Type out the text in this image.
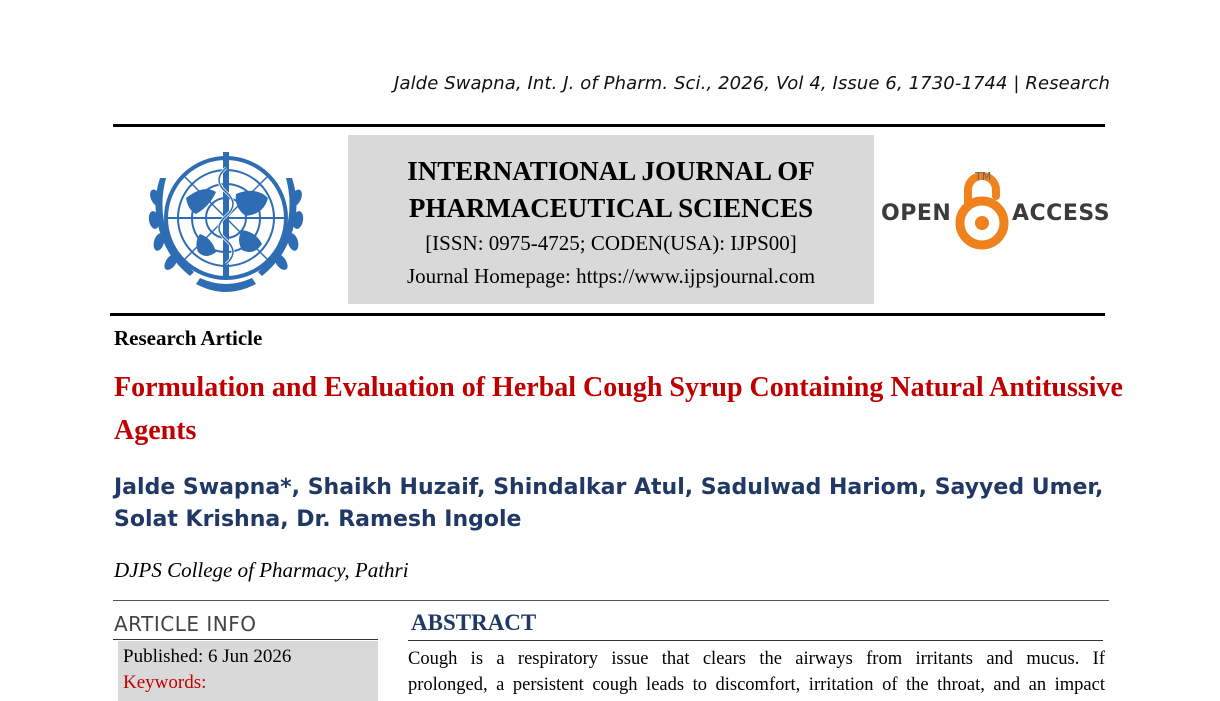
Jalde Swapna, Int. J. of Pharm. Sci., 2026, Vol 4, Issue 6, 1730-1744 | Research
INTERNATIONAL JOURNAL OF
PHARMACEUTICAL SCIENCES
[ISSN: 0975-4725; CODEN(USA): IJPS00]
Journal Homepage: https://www.ijpsjournal.com
OPEN
TM
ACCESS
Research Article
Formulation and Evaluation of Herbal Cough Syrup Containing Natural Antitussive Agents
Jalde Swapna*, Shaikh Huzaif, Shindalkar Atul, Sadulwad Hariom, Sayyed Umer,
Solat Krishna, Dr. Ramesh Ingole
DJPS College of Pharmacy, Pathri
ARTICLE INFO
Published: 6 Jun 2026
Keywords:
ABSTRACT
Cough is a respiratory issue that clears the airways from irritants and mucus. If
prolonged, a persistent cough leads to discomfort, irritation of the throat, and an impact
